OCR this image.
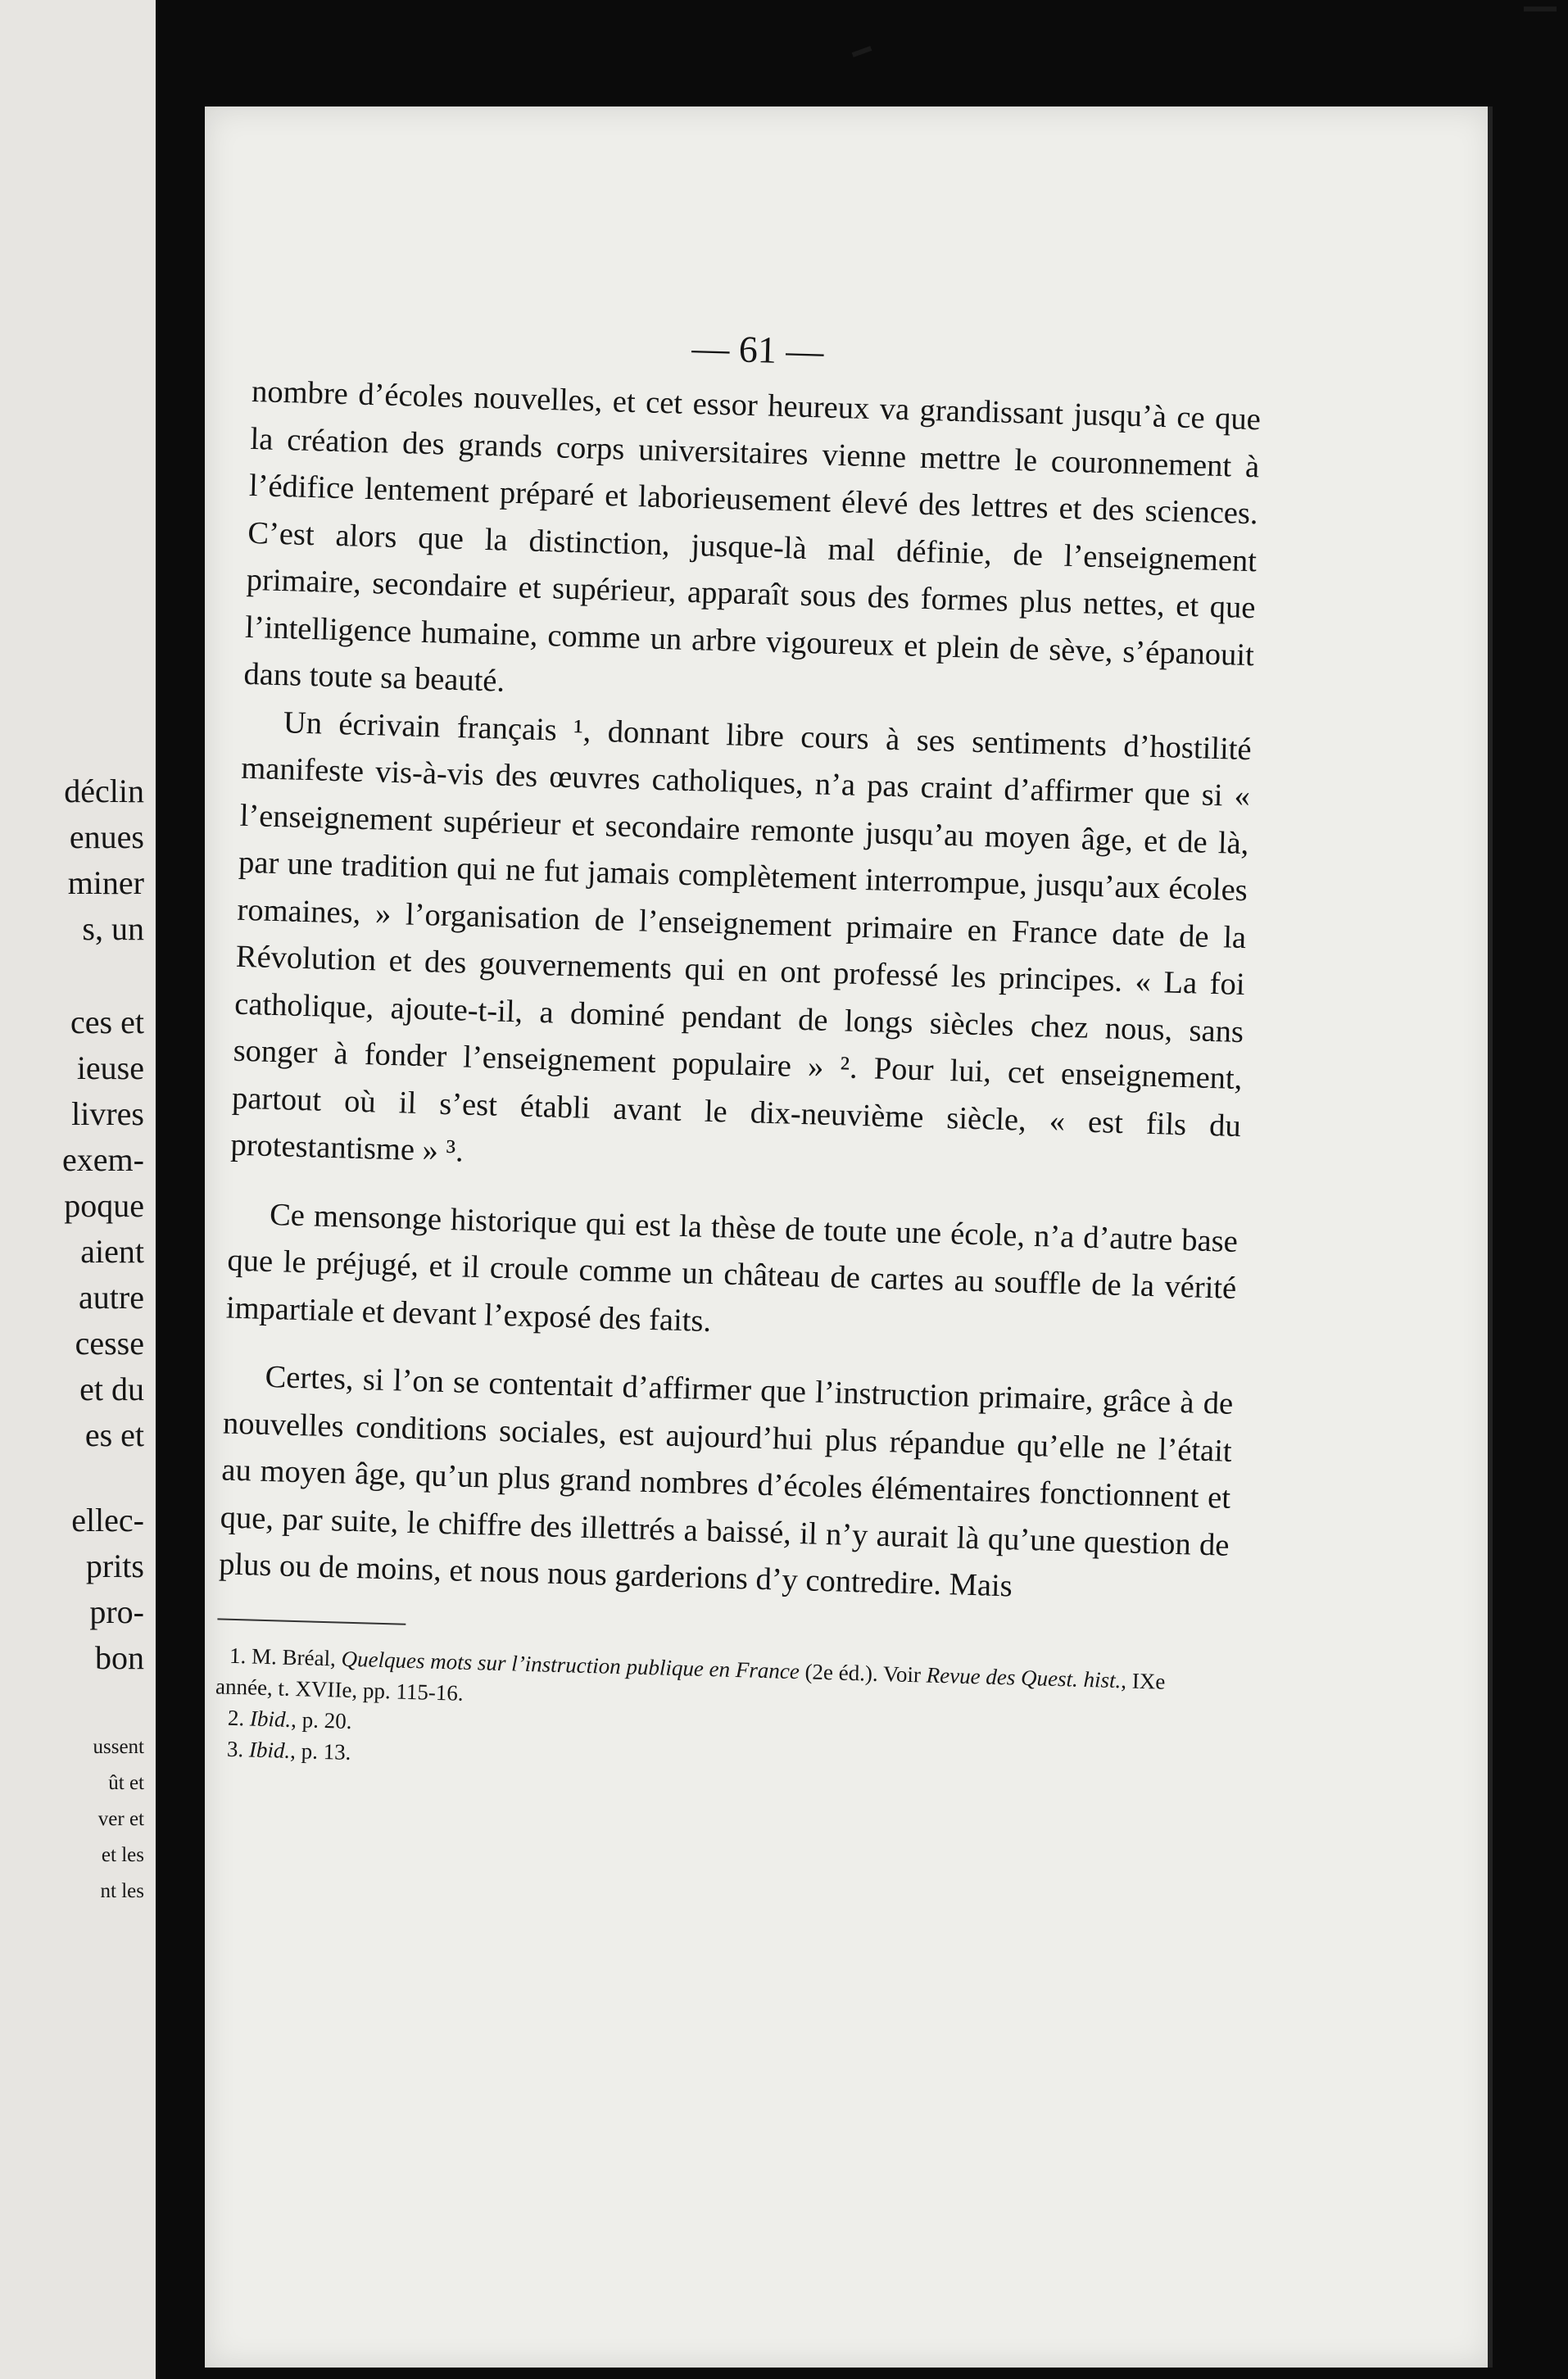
déclin

enues

miner

s, un

ces et

ieuse

livres

exem-

poque

aient

autre

cesse

et du

es et

ellec-

prits

pro-

bon

ussent

ût et

ver et

et les

nt les

— 61 —

nombre d’écoles nouvelles, et cet essor heureux va grandissant jusqu’à ce que la création des grands corps universitaires vienne mettre le couronnement à l’édifice lentement préparé et laborieusement élevé des lettres et des sciences. C’est alors que la distinction, jusque-là mal définie, de l’enseignement primaire, secondaire et supérieur, apparaît sous des formes plus nettes, et que l’intelligence humaine, comme un arbre vigoureux et plein de sève, s’épanouit dans toute sa beauté.

Un écrivain français ¹, donnant libre cours à ses sentiments d’hostilité manifeste vis-à-vis des œuvres catholiques, n’a pas craint d’affirmer que si « l’enseignement supérieur et secondaire remonte jusqu’au moyen âge, et de là, par une tradition qui ne fut jamais complètement interrompue, jusqu’aux écoles romaines, » l’organisation de l’enseignement primaire en France date de la Révolution et des gouvernements qui en ont professé les principes. « La foi catholique, ajoute-t-il, a dominé pendant de longs siècles chez nous, sans songer à fonder l’enseignement populaire » ². Pour lui, cet enseignement, partout où il s’est établi avant le dix-neuvième siècle, « est fils du protestantisme » ³.

Ce mensonge historique qui est la thèse de toute une école, n’a d’autre base que le préjugé, et il croule comme un château de cartes au souffle de la vérité impartiale et devant l’exposé des faits.

Certes, si l’on se contentait d’affirmer que l’instruction primaire, grâce à de nouvelles conditions sociales, est aujourd’hui plus répandue qu’elle ne l’était au moyen âge, qu’un plus grand nombres d’écoles élémentaires fonctionnent et que, par suite, le chiffre des illettrés a baissé, il n’y aurait là qu’une question de plus ou de moins, et nous nous garderions d’y contredire. Mais

1. M. Bréal, Quelques mots sur l’instruction publique en France (2e éd.). Voir Revue des Quest. hist., IXe année, t. XVIIe, pp. 115-16.

2. Ibid., p. 20.

3. Ibid., p. 13.
